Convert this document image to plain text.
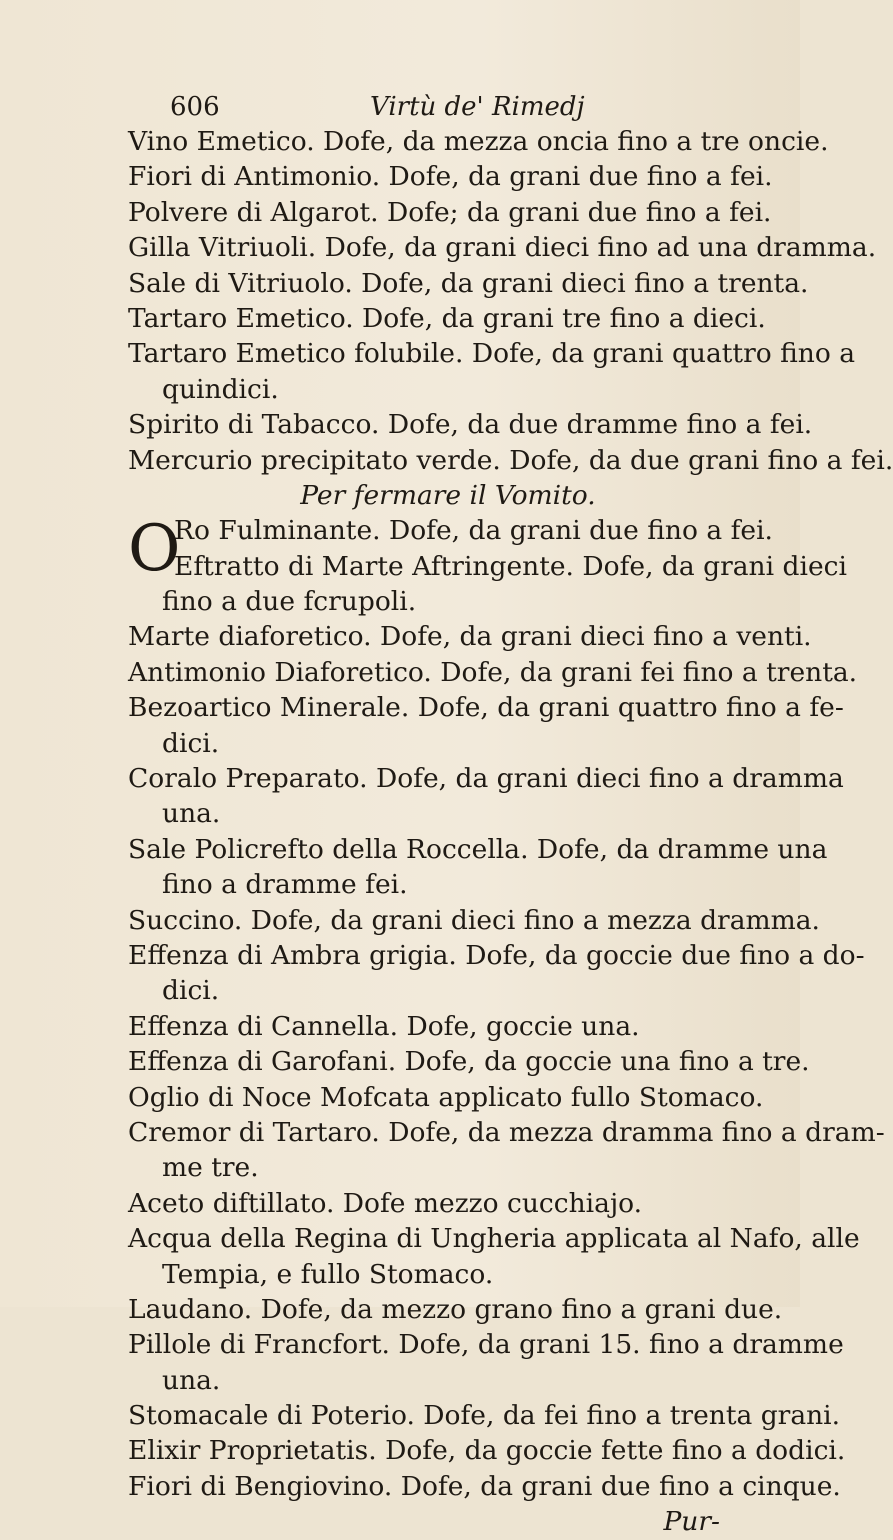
606	Virtù de' Rimedj
Vino Emetico. Dofe, da mezza oncia fino a tre oncie.
Fiori di Antimonio. Dofe, da grani due fino a fei.
Polvere di Algarot. Dofe; da grani due fino a fei.
Gilla Vitriuoli. Dofe, da grani dieci fino ad una dramma.
Sale di Vitriuolo. Dofe, da grani dieci fino a trenta.
Tartaro Emetico. Dofe, da grani tre fino a dieci.
Tartaro Emetico folubile. Dofe, da grani quattro fino a
quindici.
Spirito di Tabacco. Dofe, da due dramme fino a fei.
Mercurio precipitato verde. Dofe, da due grani fino a fei.
Per fermare il Vomito.
O
Ro Fulminante. Dofe, da grani due fino a fei.
Eftratto di Marte Aftringente. Dofe, da grani dieci
fino a due fcrupoli.
Marte diaforetico. Dofe, da grani dieci fino a venti.
Antimonio Diaforetico. Dofe, da grani fei fino a trenta.
Bezoartico Minerale. Dofe, da grani quattro fino a fe-
dici.
Coralo Preparato. Dofe, da grani dieci fino a dramma
una.
Sale Policrefto della Roccella. Dofe, da dramme una
fino a dramme fei.
Succino. Dofe, da grani dieci fino a mezza dramma.
Effenza di Ambra grigia. Dofe, da goccie due fino a do-
dici.
Effenza di Cannella. Dofe, goccie una.
Effenza di Garofani. Dofe, da goccie una fino a tre.
Oglio di Noce Mofcata applicato fullo Stomaco.
Cremor di Tartaro. Dofe, da mezza dramma fino a dram-
me tre.
Aceto diftillato. Dofe mezzo cucchiajo.
Acqua della Regina di Ungheria applicata al Nafo, alle
Tempia, e fullo Stomaco.
Laudano. Dofe, da mezzo grano fino a grani due.
Pillole di Francfort. Dofe, da grani 15. fino a dramme
una.
Stomacale di Poterio. Dofe, da fei fino a trenta grani.
Elixir Proprietatis. Dofe, da goccie fette fino a dodici.
Fiori di Bengiovino. Dofe, da grani due fino a cinque.
Pur-
